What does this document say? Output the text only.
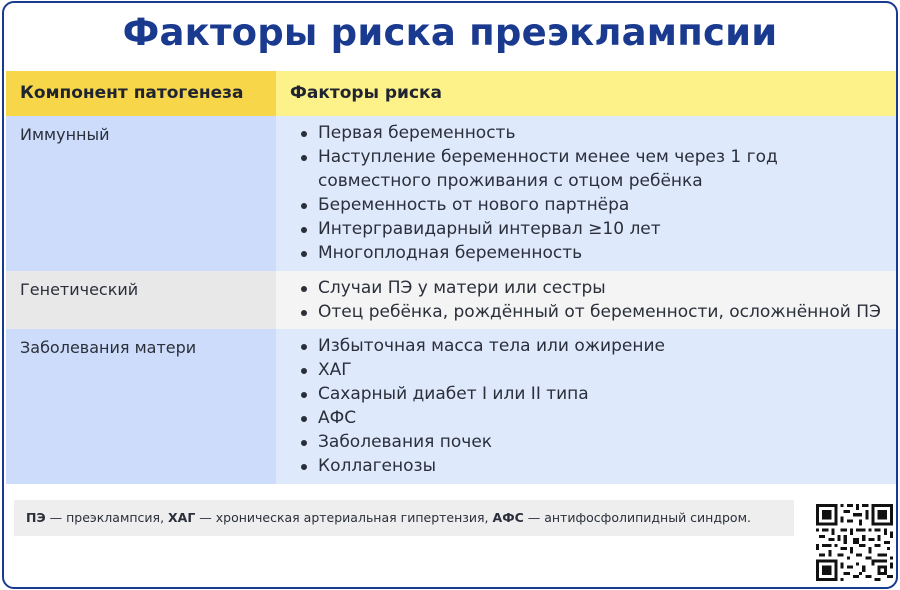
Факторы риска преэклампсии
Компонент патогенеза	Факторы риска
Иммунный	Первая беременность
Наступление беременности менее чем через 1 год совместного проживания с отцом ребёнка
Беременность от нового партнёра
Интергравидарный интервал ≥10 лет
Многоплодная беременность
Генетический	Случаи ПЭ у матери или сестры
Отец ребёнка, рождённый от беременности, осложнённой ПЭ
Заболевания матери	Избыточная масса тела или ожирение
ХАГ
Сахарный диабет I или II типа
АФС
Заболевания почек
Коллагенозы
ПЭ — преэклампсия, ХАГ — хроническая артериальная гипертензия, АФС — антифосфолипидный синдром.
